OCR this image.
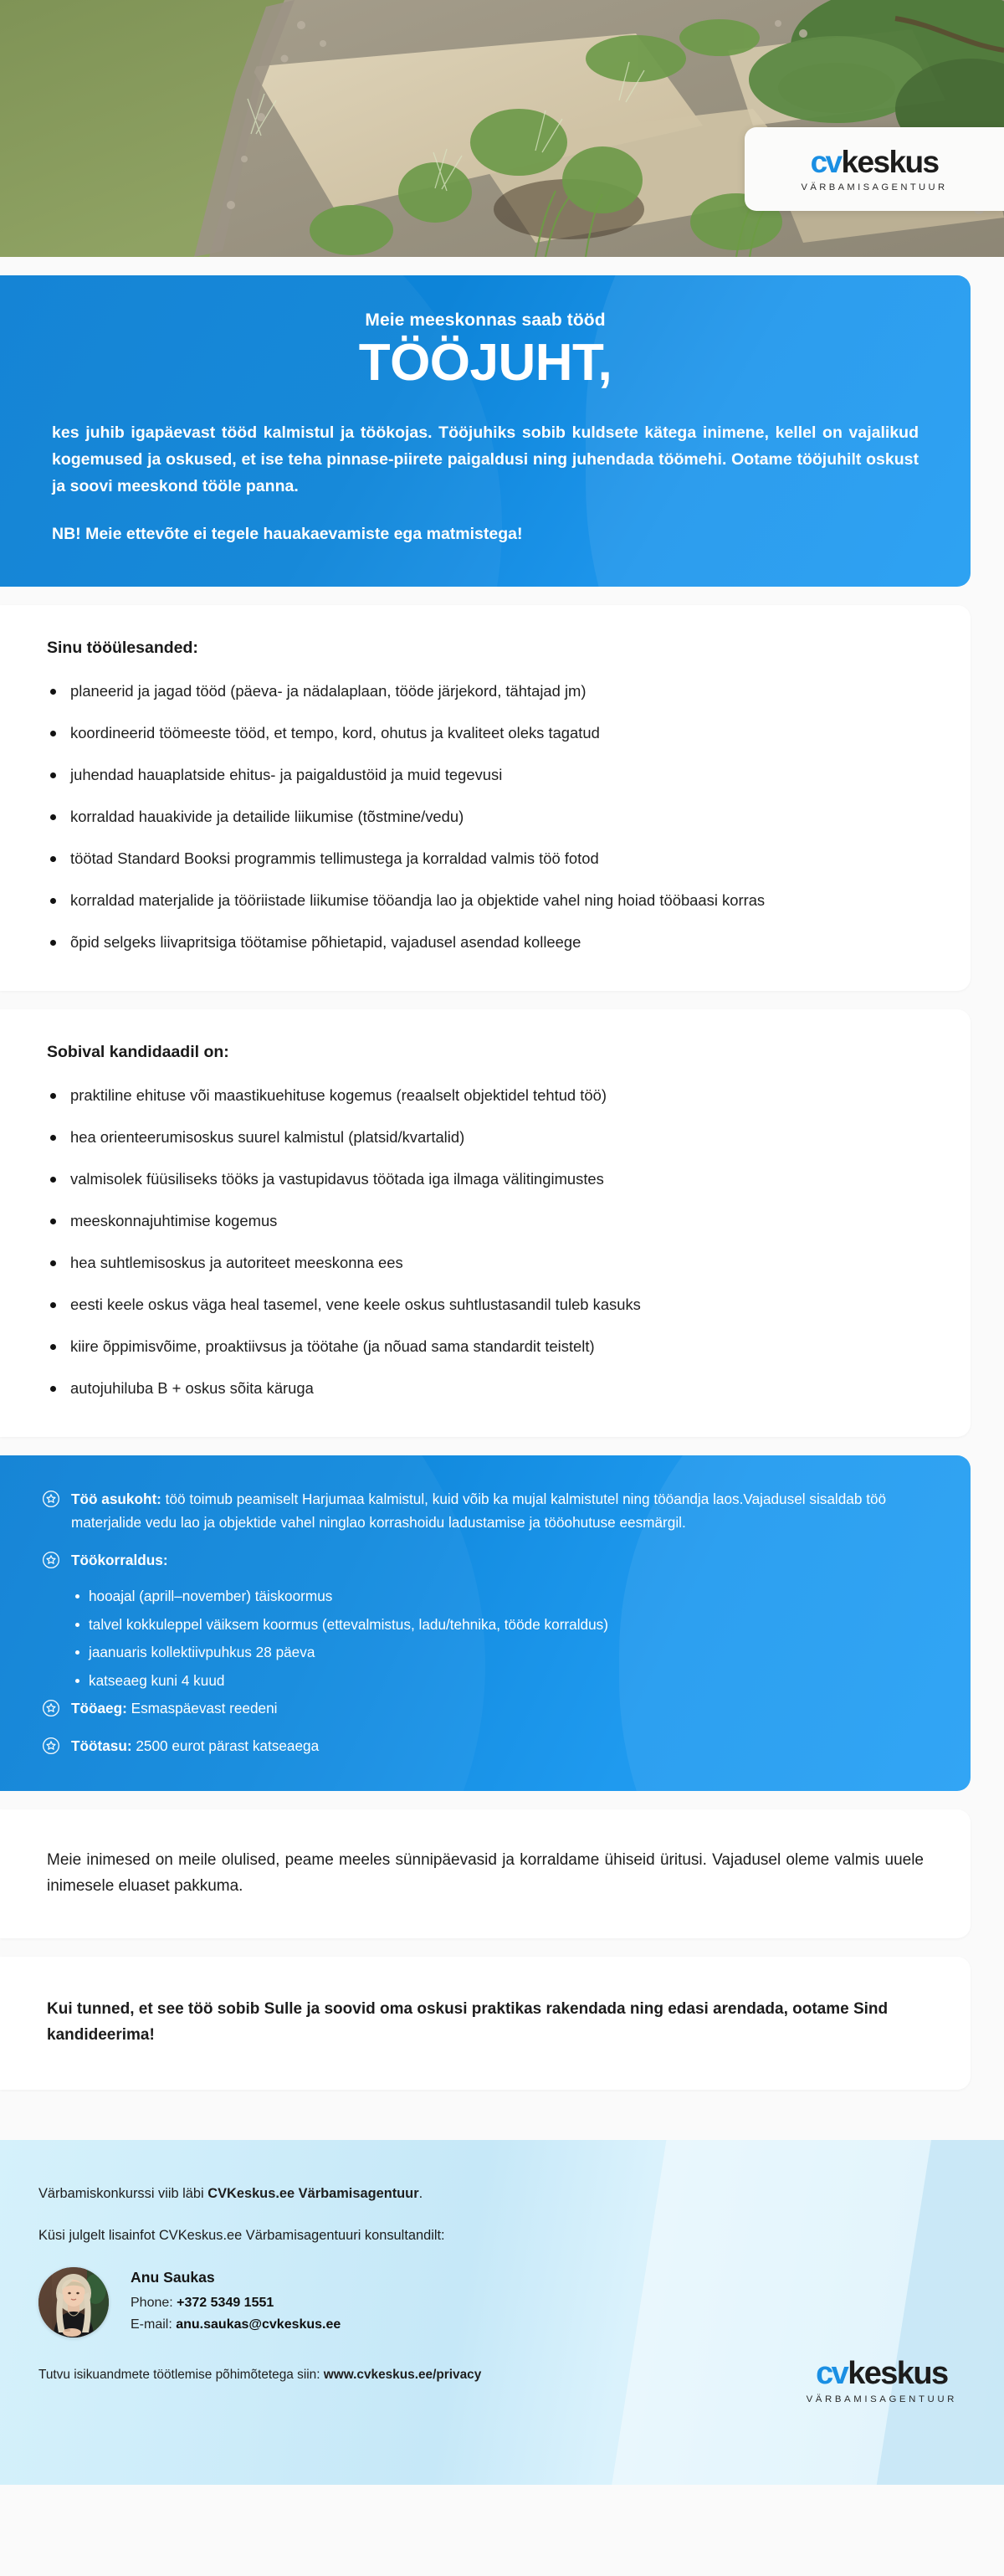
cv keskus
VÄRBAMISAGENTUUR
Meie meeskonnas saab tööd
TÖÖJUHT,
kes juhib igapäevast tööd kalmistul ja töökojas. Tööjuhiks sobib kuldsete kätega inimene, kellel on vajalikud kogemused ja oskused, et ise teha pinnase-piirete paigaldusi ning juhendada töömehi. Ootame tööjuhilt oskust ja soovi meeskond tööle panna.
NB! Meie ettevõte ei tegele hauakaevamiste ega matmistega!
Sinu tööülesanded:
planeerid ja jagad tööd (päeva- ja nädalaplaan, tööde järjekord, tähtajad jm)
koordineerid töömeeste tööd, et tempo, kord, ohutus ja kvaliteet oleks tagatud
juhendad hauaplatside ehitus- ja paigaldustöid ja muid tegevusi
korraldad hauakivide ja detailide liikumise (tõstmine/vedu)
töötad Standard Booksi programmis tellimustega ja korraldad valmis töö fotod
korraldad materjalide ja tööriistade liikumise tööandja lao ja objektide vahel ning hoiad tööbaasi korras
õpid selgeks liivapritsiga töötamise põhietapid, vajadusel asendad kolleege
Sobival kandidaadil on:
praktiline ehituse või maastikuehituse kogemus (reaalselt objektidel tehtud töö)
hea orienteerumisoskus suurel kalmistul (platsid/kvartalid)
valmisolek füüsiliseks tööks ja vastupidavus töötada iga ilmaga välitingimustes
meeskonnajuhtimise kogemus
hea suhtlemisoskus ja autoriteet meeskonna ees
eesti keele oskus väga heal tasemel, vene keele oskus suhtlustasandil tuleb kasuks
kiire õppimisvõime, proaktiivsus ja töötahe (ja nõuad sama standardit teistelt)
autojuhiluba B + oskus sõita käruga
Töö asukoht: töö toimub peamiselt Harjumaa kalmistul, kuid võib ka mujal kalmistutel ning tööandja laos.Vajadusel sisaldab töö materjalide vedu lao ja objektide vahel ninglao korrashoidu ladustamise ja tööohutuse eesmärgil.
Töökorraldus:
hooajal (aprill–november) täiskoormus
talvel kokkuleppel väiksem koormus (ettevalmistus, ladu/tehnika, tööde korraldus)
jaanuaris kollektiivpuhkus 28 päeva
katseaeg kuni 4 kuud
Tööaeg: Esmaspäevast reedeni
Töötasu: 2500 eurot pärast katseaega
Meie inimesed on meile olulised, peame meeles sünnipäevasid ja korraldame ühiseid üritusi. Vajadusel oleme valmis uuele inimesele eluaset pakkuma.
Kui tunned, et see töö sobib Sulle ja soovid oma oskusi praktikas rakendada ning edasi arendada, ootame Sind kandideerima!
Värbamiskonkurssi viib läbi CVKeskus.ee Värbamisagentuur.
Küsi julgelt lisainfot CVKeskus.ee Värbamisagentuuri konsultandilt:
Anu Saukas
Phone: +372 5349 1551
E-mail: anu.saukas@cvkeskus.ee
Tutvu isikuandmete töötlemise põhimõtetega siin: www.cvkeskus.ee/privacy	cv keskus
VÄRBAMISAGENTUUR
